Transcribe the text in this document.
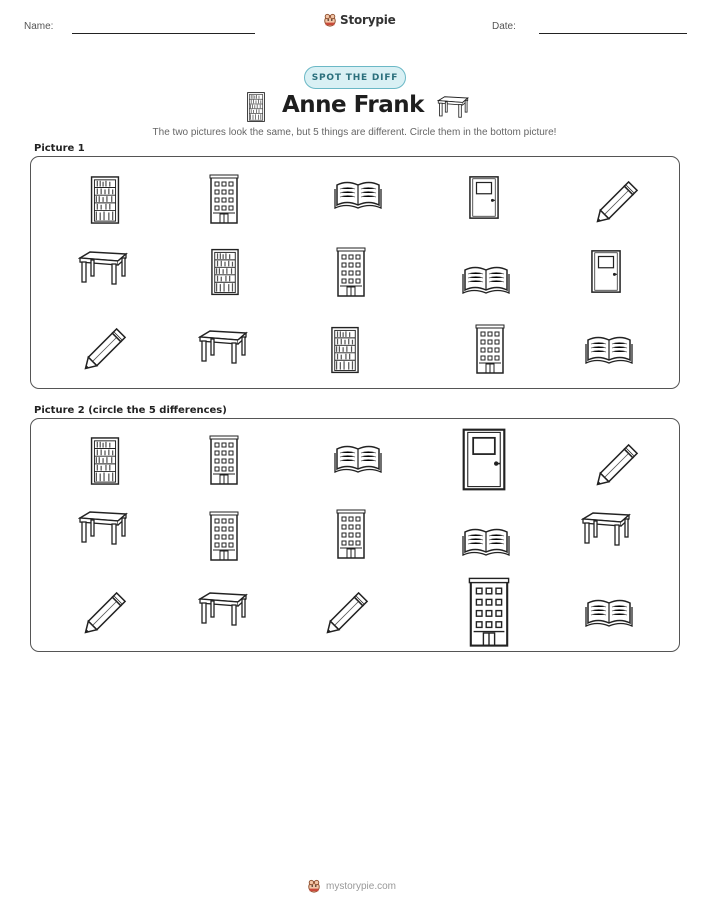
Name:	Storypie	Date:
SPOT THE DIFF
Anne Frank
The two pictures look the same, but 5 things are different. Circle them in the bottom picture!
Picture 1
Picture 2 (circle the 5 differences)
mystorypie.com
